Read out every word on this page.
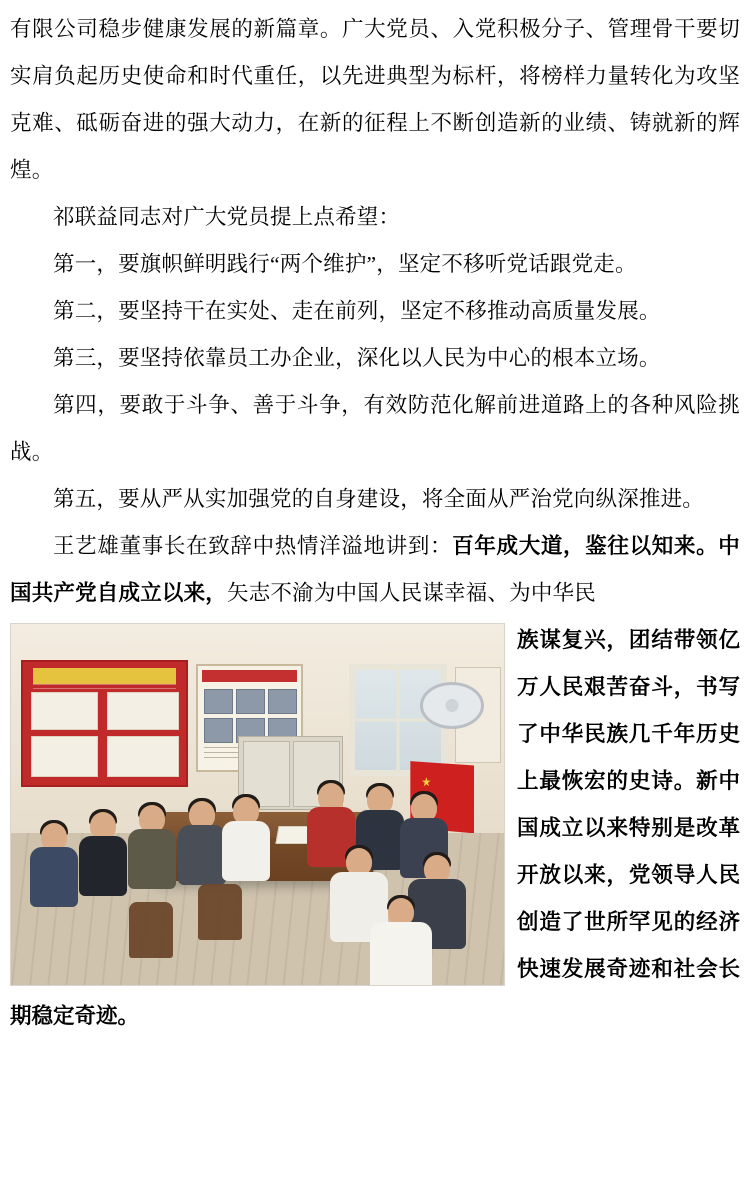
有限公司稳步健康发展的新篇章。广大党员、入党积极分子、管理骨干要切实肩负起历史使命和时代重任，以先进典型为标杆，将榜样力量转化为攻坚克难、砥砺奋进的强大动力，在新的征程上不断创造新的业绩、铸就新的辉煌。

祁联益同志对广大党员提上点希望：

第一，要旗帜鲜明践行“两个维护”，坚定不移听党话跟党走。

第二，要坚持干在实处、走在前列，坚定不移推动高质量发展。

第三，要坚持依靠员工办企业，深化以人民为中心的根本立场。

第四，要敢于斗争、善于斗争，有效防范化解前进道路上的各种风险挑战。

第五，要从严从实加强党的自身建设，将全面从严治党向纵深推进。

王艺雄董事长在致辞中热情洋溢地讲到：百年成大道，鉴往以知来。中国共产党自成立以来，矢志不渝为中国人民谋幸福、为中华民

族谋复兴，团结带领亿万人民艰苦奋斗，书写了中华民族几千年历史上最恢宏的史诗。新中国成立以来特别是改革开放以来，党领导人民创造了世所罕见的经济快速发展奇迹和社会长期稳定奇迹。
